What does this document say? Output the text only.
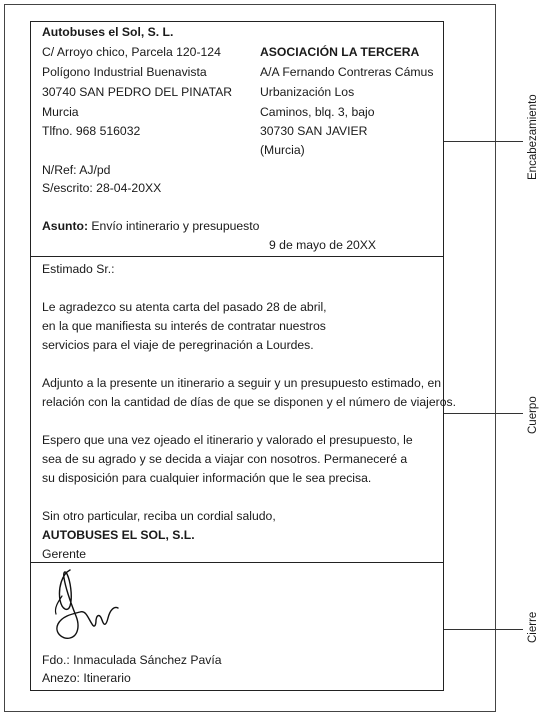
Autobuses el Sol, S. L.
C/ Arroyo chico, Parcela 120-124
Polígono Industrial Buenavista
30740 SAN PEDRO DEL PINATAR
Murcia
Tlfno. 968 516032
ASOCIACIÓN LA TERCERA
A/A Fernando Contreras Cámus
Urbanización Los
Caminos, blq. 3, bajo
30730 SAN JAVIER
(Murcia)
N/Ref: AJ/pd
S/escrito: 28-04-20XX
Asunto: Envío intinerario y presupuesto
9 de mayo de 20XX
Estimado Sr.:
Le agradezco su atenta carta del pasado 28 de abril,
en la que manifiesta su interés de contratar nuestros
servicios para el viaje de peregrinación a Lourdes.
Adjunto a la presente un itinerario a seguir y un presupuesto estimado, en
relación con la cantidad de días de que se disponen y el número de viajeros.
Espero que una vez ojeado el itinerario y valorado el presupuesto, le
sea de su agrado y se decida a viajar con nosotros. Permaneceré a
su disposición para cualquier información que le sea precisa.
Sin otro particular, reciba un cordial saludo,
AUTOBUSES EL SOL, S.L.
Gerente
Fdo.: Inmaculada Sánchez Pavía
Anezo: Itinerario
Encabezamiento
Cuerpo
Cierre
